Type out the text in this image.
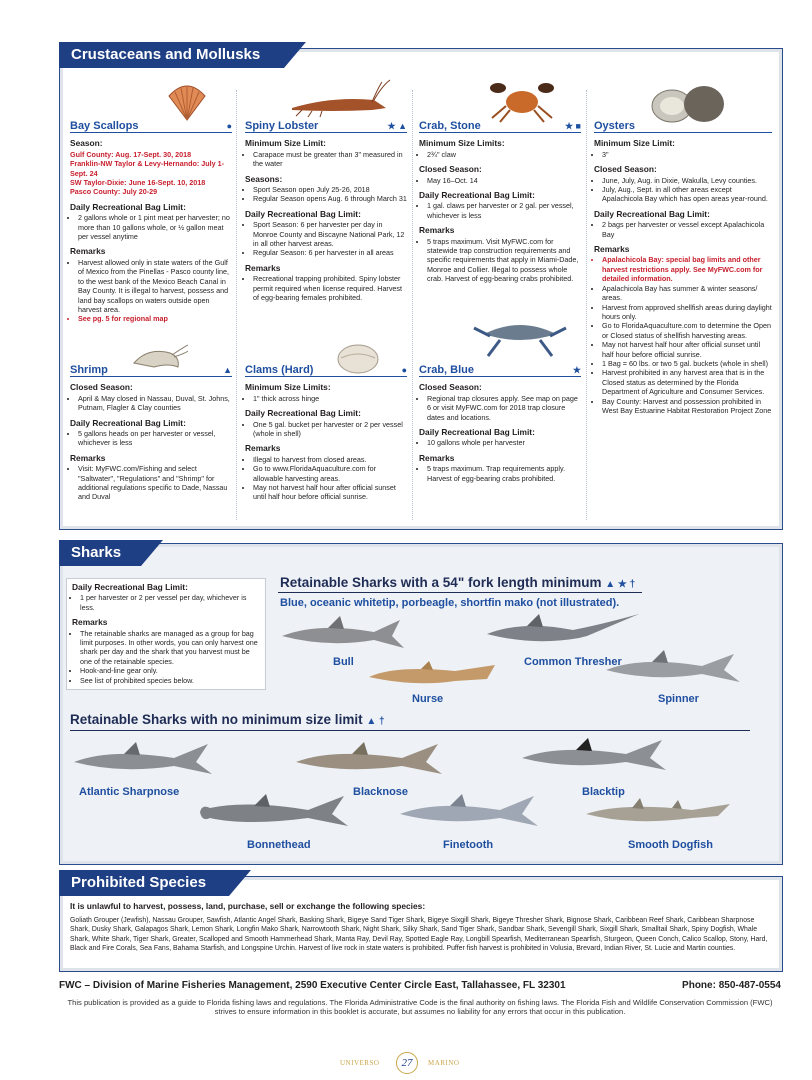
Crustaceans and Mollusks
Bay Scallops	●
Season:
Gulf County: Aug. 17-Sept. 30, 2018
Franklin-NW Taylor & Levy-Hernando: July 1-Sept. 24
SW Taylor-Dixie: June 16-Sept. 10, 2018
Pasco County: July 20-29
Daily Recreational Bag Limit:
• 2 gallons whole or 1 pint meat per harvester; no more than 10 gallons whole, or ½ gallon meat per vessel anytime
Remarks
• Harvest allowed only in state waters of the Gulf of Mexico from the Pinellas - Pasco county line, to the west bank of the Mexico Beach Canal in Bay County. It is illegal to harvest, possess and land bay scallops on waters outside open harvest area.
• See pg. 5 for regional map
Spiny Lobster	★ ▲
Minimum Size Limit:
• Carapace must be greater than 3" measured in the water
Seasons:
• Sport Season open July 25-26, 2018
• Regular Season opens Aug. 6 through March 31
Daily Recreational Bag Limit:
• Sport Season: 6 per harvester per day in Monroe County and Biscayne National Park, 12 in all other harvest areas.
• Regular Season: 6 per harvester in all areas
Remarks
• Recreational trapping prohibited. Spiny lobster permit required when license required. Harvest of egg-bearing females prohibited.
Crab, Stone	★ ■
Minimum Size Limits:
• 2¾" claw
Closed Season:
• May 16–Oct. 14
Daily Recreational Bag Limit:
• 1 gal. claws per harvester or 2 gal. per vessel, whichever is less
Remarks
• 5 traps maximum. Visit MyFWC.com for statewide trap construction requirements and specific requirements that apply in Miami-Dade, Monroe and Collier. Illegal to possess whole crab. Harvest of egg-bearing crabs prohibited.
Oysters
Minimum Size Limit:
• 3"
Closed Season:
• June, July, Aug. in Dixie, Wakulla, Levy counties.
• July, Aug., Sept. in all other areas except Apalachicola Bay which has open areas year-round.
Daily Recreational Bag Limit:
• 2 bags per harvester or vessel except Apalachicola Bay
Remarks
• Apalachicola Bay: special bag limits and other harvest restrictions apply. See MyFWC.com for detailed information.
• Apalachicola Bay has summer & winter seasons/ areas.
• Harvest from approved shellfish areas during daylight hours only.
• Go to FloridaAquaculture.com to determine the Open or Closed status of shellfish harvesting areas.
• May not harvest half hour after official sunset until half hour before official sunrise.
• 1 Bag = 60 lbs. or two 5 gal. buckets (whole in shell)
• Harvest prohibited in any harvest area that is in the Closed status as determined by the Florida Department of Agriculture and Consumer Services.
• Bay County: Harvest and possession prohibited in West Bay Estuarine Habitat Restoration Project Zone
Shrimp	▲
Closed Season:
• April & May closed in Nassau, Duval, St. Johns, Putnam, Flagler & Clay counties
Daily Recreational Bag Limit:
• 5 gallons heads on per harvester or vessel, whichever is less
Remarks
• Visit: MyFWC.com/Fishing and select "Saltwater", "Regulations" and "Shrimp" for additional regulations specific to Dade, Nassau and Duval
Clams (Hard)	●
Minimum Size Limits:
• 1" thick across hinge
Daily Recreational Bag Limit:
• One 5 gal. bucket per harvester or 2 per vessel (whole in shell)
Remarks
• Illegal to harvest from closed areas.
• Go to www.FloridaAquaculture.com for allowable harvesting areas.
• May not harvest half hour after official sunset until half hour before official sunrise.
Crab, Blue	★
Closed Season:
• Regional trap closures apply. See map on page 6 or visit MyFWC.com for 2018 trap closure dates and locations.
Daily Recreational Bag Limit:
• 10 gallons whole per harvester
Remarks
• 5 traps maximum. Trap requirements apply. Harvest of egg-bearing crabs prohibited.
Sharks
Daily Recreational Bag Limit:
• 1 per harvester or 2 per vessel per day, whichever is less.
Remarks
• The retainable sharks are managed as a group for bag limit purposes. In other words, you can only harvest one shark per day and the shark that you harvest must be one of the retainable species.
• Hook-and-line gear only.
• See list of prohibited species below.
Retainable Sharks with a 54" fork length minimum ▲ ★ †
Blue, oceanic whitetip, porbeagle, shortfin mako (not illustrated).
Bull	Common Thresher
Nurse	Spinner
Retainable Sharks with no minimum size limit ▲ †
Atlantic Sharpnose	Blacknose	Blacktip
Bonnethead	Finetooth	Smooth Dogfish
Prohibited Species
It is unlawful to harvest, possess, land, purchase, sell or exchange the following species:
Goliath Grouper (Jewfish), Nassau Grouper, Sawfish, Atlantic Angel Shark, Basking Shark, Bigeye Sand Tiger Shark, Bigeye Sixgill Shark, Bigeye Thresher Shark, Bignose Shark, Caribbean Reef Shark, Caribbean Sharpnose Shark, Dusky Shark, Galapagos Shark, Lemon Shark, Longfin Mako Shark, Narrowtooth Shark, Night Shark, Silky Shark, Sand Tiger Shark, Sandbar Shark, Sevengill Shark, Sixgill Shark, Smalltail Shark, Spiny Dogfish, Whale Shark, White Shark, Tiger Shark, Greater, Scalloped and Smooth Hammerhead Shark, Manta Ray, Devil Ray, Spotted Eagle Ray, Longbill Spearfish, Mediterranean Spearfish, Sturgeon, Queen Conch, Calico Scallop, Stony, Hard, Black and Fire Corals, Sea Fans, Bahama Starfish, and Longspine Urchin. Harvest of live rock in state waters is prohibited. Puffer fish harvest is prohibited in Volusia, Brevard, Indian River, St. Lucie and Martin counties.
FWC – Division of Marine Fisheries Management, 2590 Executive Center Circle East, Tallahassee, FL 32301	Phone: 850-487-0554
This publication is provided as a guide to Florida fishing laws and regulations. The Florida Administrative Code is the final authority on fishing laws. The Florida Fish and Wildlife Conservation Commission (FWC) strives to ensure information in this booklet is accurate, but assumes no liability for any errors that occur in this publication.
UNIVERSO	27	MARINO
